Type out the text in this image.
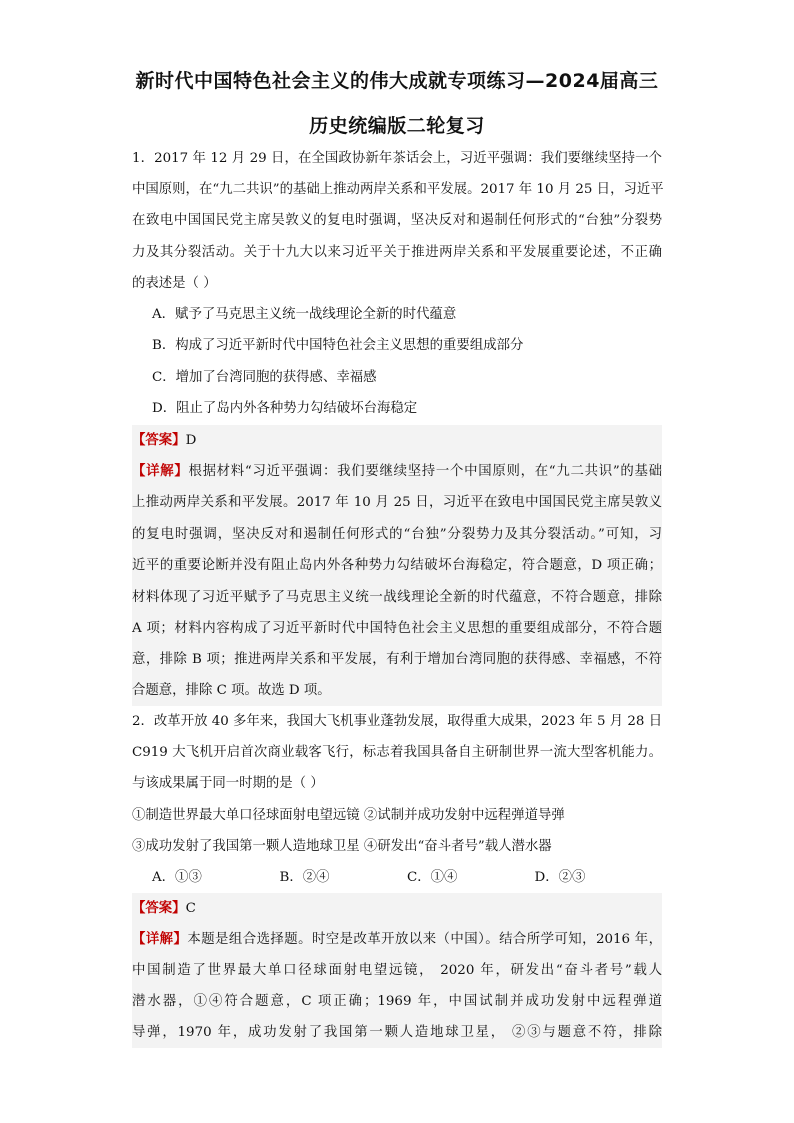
新时代中国特色社会主义的伟大成就专项练习—2024届高三
历史统编版二轮复习
1．2017 年 12 月 29 日，在全国政协新年茶话会上，习近平强调：我们要继续坚持一个
中国原则，在“九二共识”的基础上推动两岸关系和平发展。2017 年 10 月 25 日，习近平
在致电中国国民党主席吴敦义的复电时强调，坚决反对和遏制任何形式的“台独”分裂势
力及其分裂活动。关于十九大以来习近平关于推进两岸关系和平发展重要论述，不正确
的表述是（ ）
A．赋予了马克思主义统一战线理论全新的时代蕴意
B．构成了习近平新时代中国特色社会主义思想的重要组成部分
C．增加了台湾同胞的获得感、幸福感
D．阻止了岛内外各种势力勾结破坏台海稳定
【答案】D
【详解】根据材料“习近平强调：我们要继续坚持一个中国原则，在“九二共识”的基础
上推动两岸关系和平发展。2017 年 10 月 25 日，习近平在致电中国国民党主席吴敦义
的复电时强调，坚决反对和遏制任何形式的“台独”分裂势力及其分裂活动。”可知，习
近平的重要论断并没有阻止岛内外各种势力勾结破坏台海稳定，符合题意，D 项正确；
材料体现了习近平赋予了马克思主义统一战线理论全新的时代蕴意，不符合题意，排除
A 项；材料内容构成了习近平新时代中国特色社会主义思想的重要组成部分，不符合题
意，排除 B 项；推进两岸关系和平发展，有利于增加台湾同胞的获得感、幸福感，不符
合题意，排除 C 项。故选 D 项。
2．改革开放 40 多年来，我国大飞机事业蓬勃发展，取得重大成果，2023 年 5 月 28 日
C919 大飞机开启首次商业载客飞行，标志着我国具备自主研制世界一流大型客机能力。
与该成果属于同一时期的是（ ）
①制造世界最大单口径球面射电望远镜 ②试制并成功发射中远程弹道导弹
③成功发射了我国第一颗人造地球卫星 ④研发出“奋斗者号”载人潜水器
A．①③	B．②④	C．①④	D．②③
【答案】C
【详解】本题是组合选择题。时空是改革开放以来（中国）。结合所学可知，2016 年，
中国制造了世界最大单口径球面射电望远镜， 2020 年，研发出“奋斗者号”载人
潜水器，①④符合题意，C 项正确；1969 年，中国试制并成功发射中远程弹道
导弹，1970 年，成功发射了我国第一颗人造地球卫星， ②③与题意不符，排除
